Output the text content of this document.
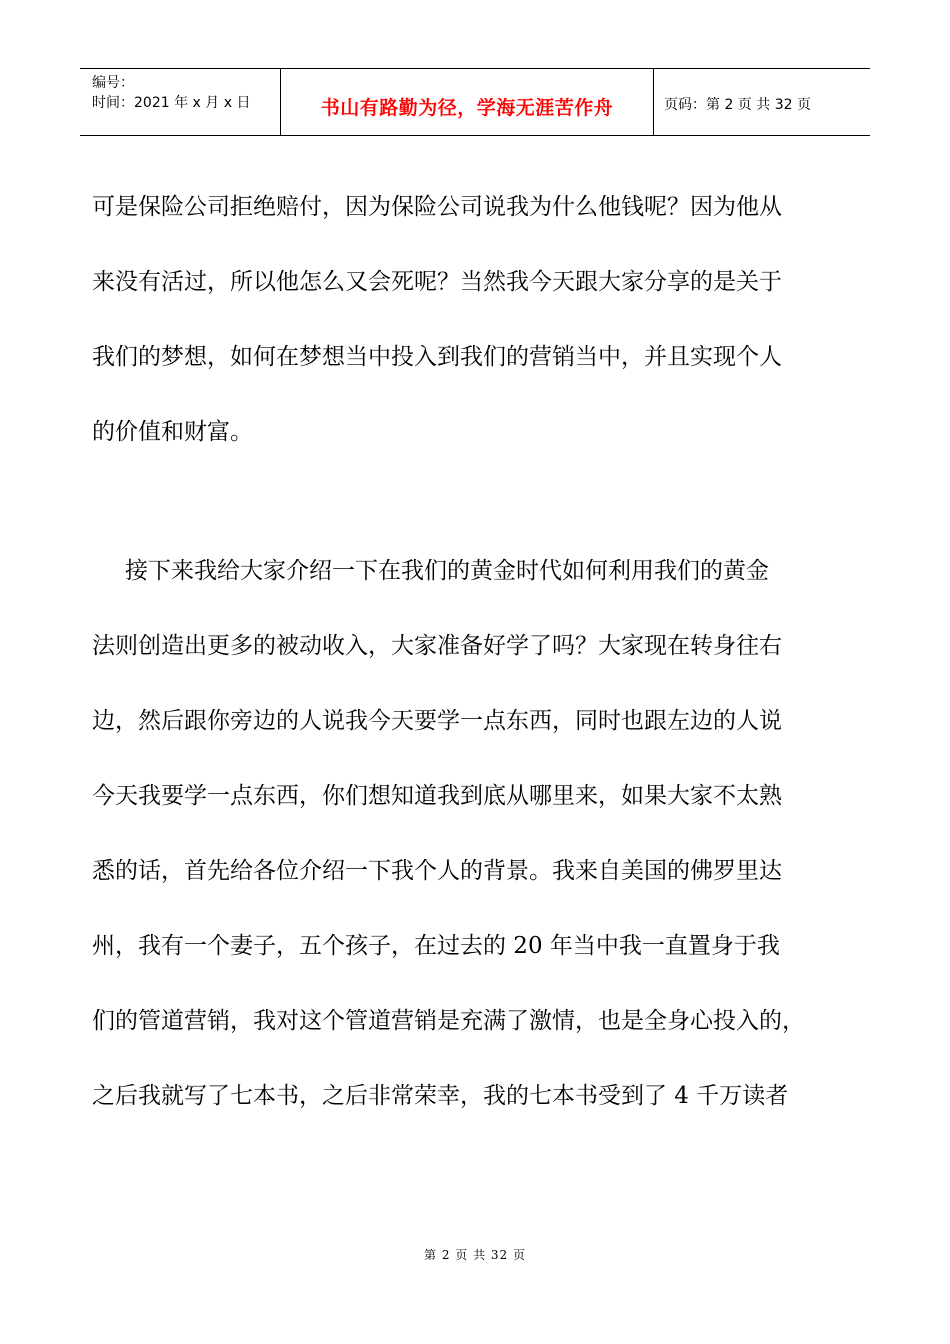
编号：
时间：2021 年 x 月 x 日	书山有路勤为径，学海无涯苦作舟	页码：第 2 页 共 32 页
可是保险公司拒绝赔付，因为保险公司说我为什么他钱呢？因为他从
来没有活过，所以他怎么又会死呢？当然我今天跟大家分享的是关于
我们的梦想，如何在梦想当中投入到我们的营销当中，并且实现个人
的价值和财富。
接下来我给大家介绍一下在我们的黄金时代如何利用我们的黄金
法则创造出更多的被动收入，大家准备好学了吗？大家现在转身往右
边，然后跟你旁边的人说我今天要学一点东西，同时也跟左边的人说
今天我要学一点东西，你们想知道我到底从哪里来，如果大家不太熟
悉的话，首先给各位介绍一下我个人的背景。我来自美国的佛罗里达
州，我有一个妻子，五个孩子，在过去的 20 年当中我一直置身于我
们的管道营销，我对这个管道营销是充满了激情，也是全身心投入的，
之后我就写了七本书，之后非常荣幸，我的七本书受到了 4 千万读者
第 2 页 共 32 页
